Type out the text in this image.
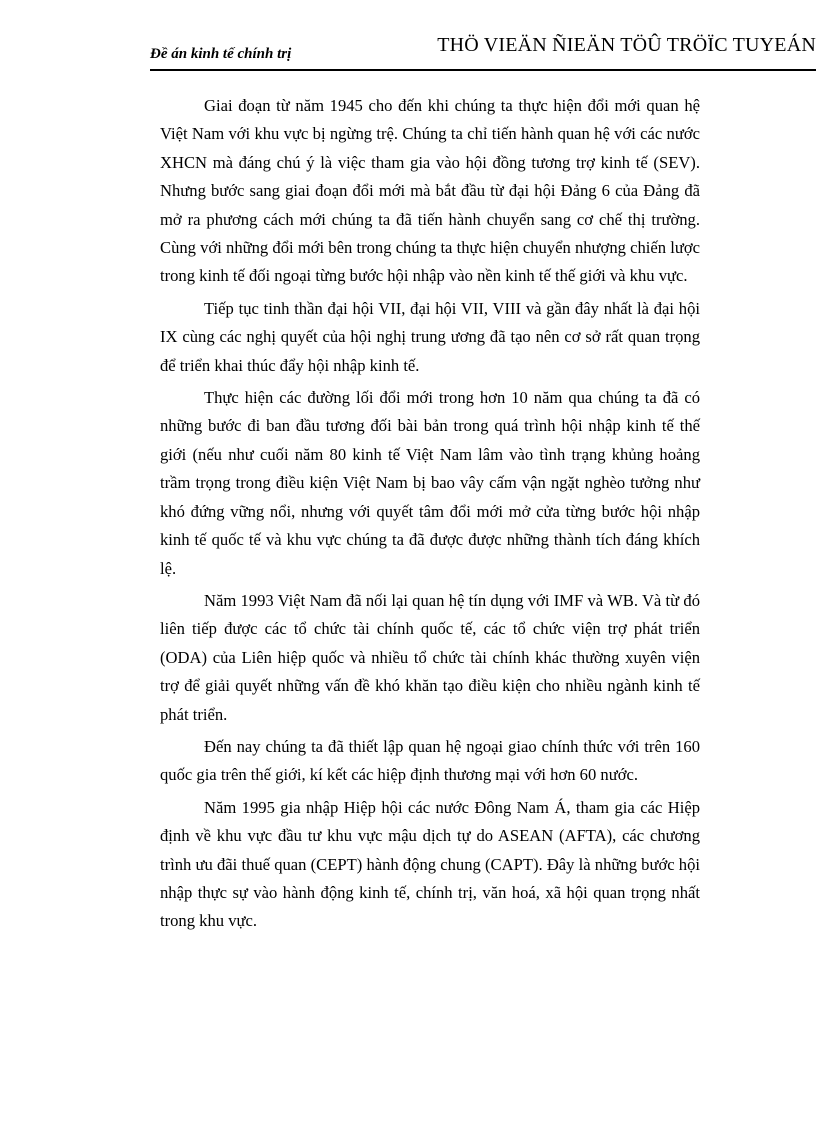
Đề án kinh tế chính trị	THÖ VIEÄN ÑIEÄN TÖÛ TRÖÏC TUYEÁN

Giai đoạn từ năm 1945 cho đến khi chúng ta thực hiện đổi mới quan hệ Việt Nam với khu vực bị ngừng trệ. Chúng ta chỉ tiến hành quan hệ với các nước XHCN mà đáng chú ý là việc tham gia vào hội đồng tương trợ kinh tế (SEV). Nhưng bước sang giai đoạn đổi mới mà bắt đầu từ đại hội Đảng 6 của Đảng đã mở ra phương cách mới chúng ta đã tiến hành chuyển sang cơ chế thị trường. Cùng với những đổi mới bên trong chúng ta thực hiện chuyển nhượng chiến lược trong kinh tế đối ngoại từng bước hội nhập vào nền kinh tế thế giới và khu vực.

Tiếp tục tinh thần đại hội VII, đại hội VII, VIII và gần đây nhất là đại hội IX cùng các nghị quyết của hội nghị trung ương đã tạo nên cơ sở rất quan trọng để triển khai thúc đẩy hội nhập kinh tế.

Thực hiện các đường lối đổi mới trong hơn 10 năm qua chúng ta đã có những bước đi ban đầu tương đối bài bản trong quá trình hội nhập kinh tế thế giới (nếu như cuối năm 80 kinh tế Việt Nam lâm vào tình trạng khủng hoảng trầm trọng trong điều kiện Việt Nam bị bao vây cấm vận ngặt nghèo tưởng như khó đứng vững nổi, nhưng với quyết tâm đổi mới mở cửa từng bước hội nhập kinh tế quốc tế và khu vực chúng ta đã được được những thành tích đáng khích lệ.

Năm 1993 Việt Nam đã nối lại quan hệ tín dụng với IMF và WB. Và từ đó liên tiếp được các tổ chức tài chính quốc tế, các tổ chức viện trợ phát triển (ODA) của Liên hiệp quốc và nhiều tổ chức tài chính khác thường xuyên viện trợ để giải quyết những vấn đề khó khăn tạo điều kiện cho nhiều ngành kinh tế phát triển.

Đến nay chúng ta đã thiết lập quan hệ ngoại giao chính thức với trên 160 quốc gia trên thế giới, kí kết các hiệp định thương mại với hơn 60 nước.

Năm 1995 gia nhập Hiệp hội các nước Đông Nam Á, tham gia các Hiệp định về khu vực đầu tư khu vực mậu dịch tự do ASEAN (AFTA), các chương trình ưu đãi thuế quan (CEPT) hành động chung (CAPT). Đây là những bước hội nhập thực sự vào hành động kinh tế, chính trị, văn hoá, xã hội quan trọng nhất trong khu vực.
